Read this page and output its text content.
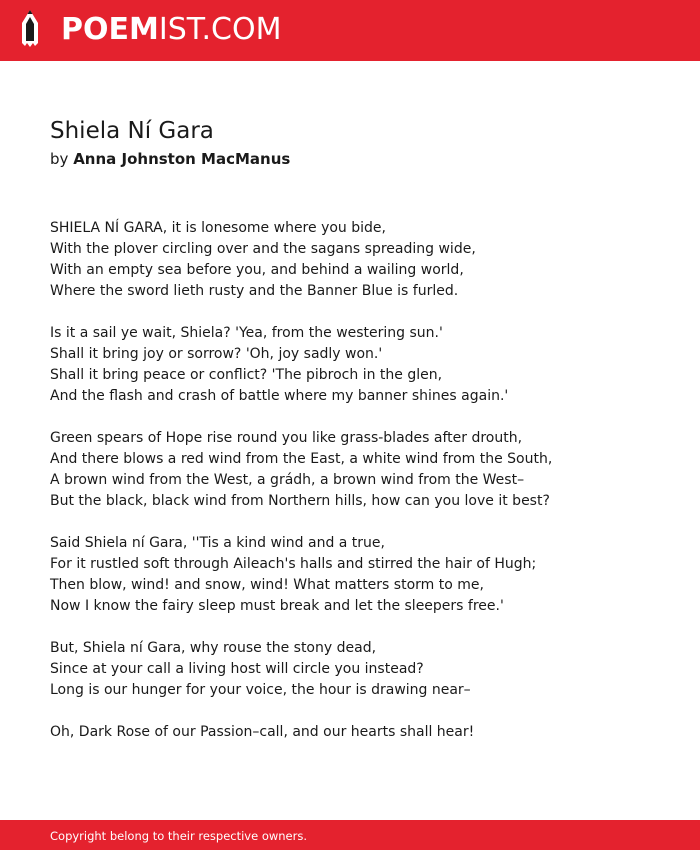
POEMIST.COM
Shiela Ní Gara
by Anna Johnston MacManus
SHIELA NÍ GARA, it is lonesome where you bide,
With the plover circling over and the sagans spreading wide,
With an empty sea before you, and behind a wailing world,
Where the sword lieth rusty and the Banner Blue is furled.
Is it a sail ye wait, Shiela? 'Yea, from the westering sun.'
Shall it bring joy or sorrow? 'Oh, joy sadly won.'
Shall it bring peace or conflict? 'The pibroch in the glen,
And the flash and crash of battle where my banner shines again.'
Green spears of Hope rise round you like grass-blades after drouth,
And there blows a red wind from the East, a white wind from the South,
A brown wind from the West, a grádh, a brown wind from the West–
But the black, black wind from Northern hills, how can you love it best?
Said Shiela ní Gara, ''Tis a kind wind and a true,
For it rustled soft through Aileach's halls and stirred the hair of Hugh;
Then blow, wind! and snow, wind! What matters storm to me,
Now I know the fairy sleep must break and let the sleepers free.'
But, Shiela ní Gara, why rouse the stony dead,
Since at your call a living host will circle you instead?
Long is our hunger for your voice, the hour is drawing near–
Oh, Dark Rose of our Passion–call, and our hearts shall hear!
Copyright belong to their respective owners.
